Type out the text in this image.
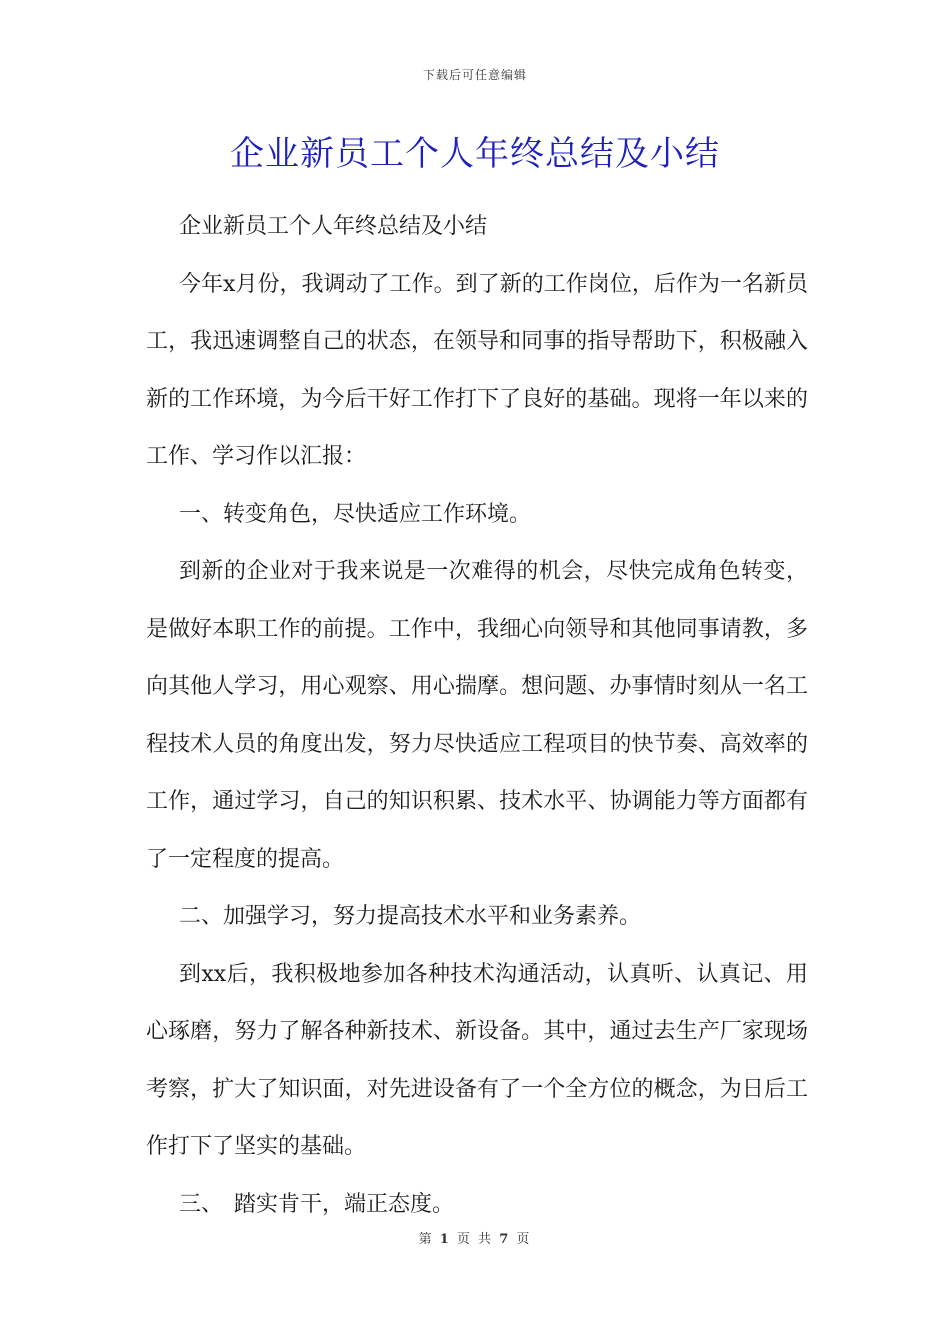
下载后可任意编辑
企业新员工个人年终总结及小结

企业新员工个人年终总结及小结

今年x月份，我调动了工作。到了新的工作岗位，后作为一名新员工，我迅速调整自己的状态，在领导和同事的指导帮助下，积极融入新的工作环境，为今后干好工作打下了良好的基础。现将一年以来的工作、学习作以汇报：

一、转变角色，尽快适应工作环境。

到新的企业对于我来说是一次难得的机会，尽快完成角色转变，是做好本职工作的前提。工作中，我细心向领导和其他同事请教，多向其他人学习，用心观察、用心揣摩。想问题、办事情时刻从一名工程技术人员的角度出发，努力尽快适应工程项目的快节奏、高效率的工作，通过学习，自己的知识积累、技术水平、协调能力等方面都有了一定程度的提高。

二、加强学习，努力提高技术水平和业务素养。

到xx后，我积极地参加各种技术沟通活动，认真听、认真记、用心琢磨，努力了解各种新技术、新设备。其中，通过去生产厂家现场考察，扩大了知识面，对先进设备有了一个全方位的概念，为日后工作打下了坚实的基础。

三、　踏实肯干，端正态度。

第 1 页 共 7 页
